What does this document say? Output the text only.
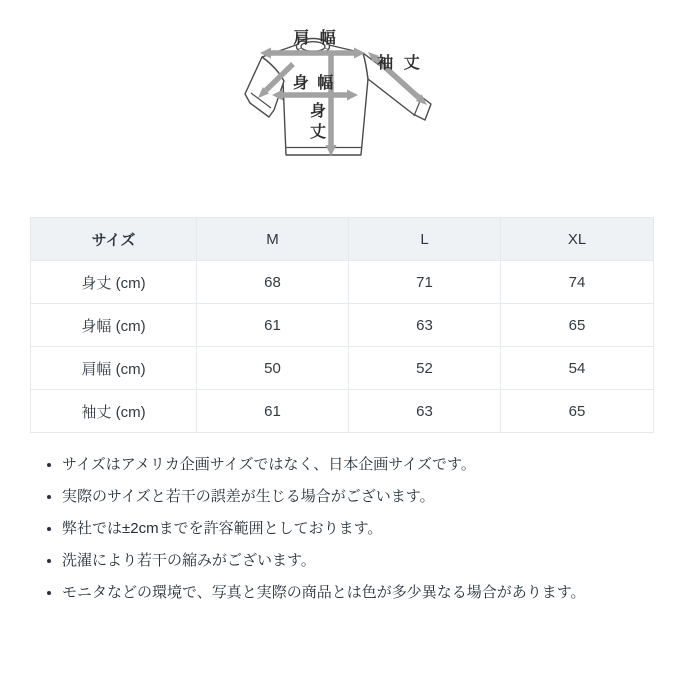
肩 幅
袖 丈
身 幅
身
丈
サイズ	M	L	XL
身丈 (cm)	68	71	74
身幅 (cm)	61	63	65
肩幅 (cm)	50	52	54
袖丈 (cm)	61	63	65
• サイズはアメリカ企画サイズではなく、日本企画サイズです。
• 実際のサイズと若干の誤差が生じる場合がございます。
• 弊社では±2cmまでを許容範囲としております。
• 洗濯により若干の縮みがございます。
• モニタなどの環境で、写真と実際の商品とは色が多少異なる場合があります。
